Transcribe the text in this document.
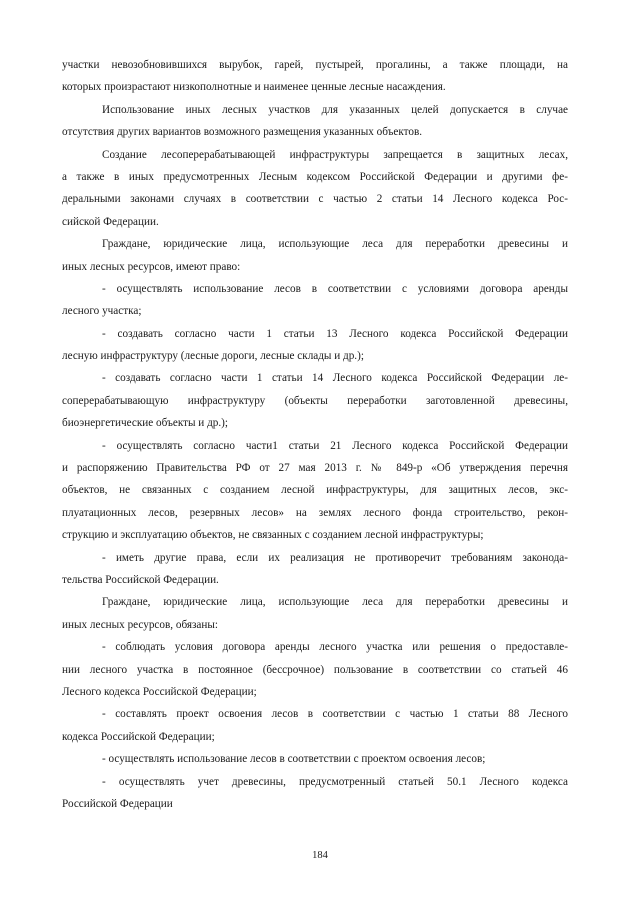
участки невозобновившихся вырубок, гарей, пустырей, прогалины, а также площади, на
которых произрастают низкополнотные и наименее ценные лесные насаждения.
Использование иных лесных участков для указанных целей допускается в случае
отсутствия других вариантов возможного размещения указанных объектов.
Создание лесоперерабатывающей инфраструктуры запрещается в защитных лесах,
а также в иных предусмотренных Лесным кодексом Российской Федерации и другими фе-
деральными законами случаях в соответствии с частью 2 статьи 14 Лесного кодекса Рос-
сийской Федерации.
Граждане, юридические лица, использующие леса для переработки древесины и
иных лесных ресурсов, имеют право:
- осуществлять использование лесов в соответствии с условиями договора аренды
лесного участка;
- создавать согласно части 1 статьи 13 Лесного кодекса Российской Федерации
лесную инфраструктуру (лесные дороги, лесные склады и др.);
- создавать согласно части 1 статьи 14 Лесного кодекса Российской Федерации ле-
соперерабатывающую инфраструктуру (объекты переработки заготовленной древесины,
биоэнергетические объекты и др.);
- осуществлять согласно части1 статьи 21 Лесного кодекса Российской Федерации
и распоряжению Правительства РФ от 27 мая 2013 г. № 849-р «Об утверждения перечня
объектов, не связанных с созданием лесной инфраструктуры, для защитных лесов, экс-
плуатационных лесов, резервных лесов» на землях лесного фонда строительство, рекон-
струкцию и эксплуатацию объектов, не связанных с созданием лесной инфраструктуры;
- иметь другие права, если их реализация не противоречит требованиям законода-
тельства Российской Федерации.
Граждане, юридические лица, использующие леса для переработки древесины и
иных лесных ресурсов, обязаны:
- соблюдать условия договора аренды лесного участка или решения о предоставле-
нии лесного участка в постоянное (бессрочное) пользование в соответствии со статьей 46
Лесного кодекса Российской Федерации;
- составлять проект освоения лесов в соответствии с частью 1 статьи 88 Лесного
кодекса Российской Федерации;
- осуществлять использование лесов в соответствии с проектом освоения лесов;
- осуществлять учет древесины, предусмотренный статьей 50.1 Лесного кодекса
Российской Федерации
184
